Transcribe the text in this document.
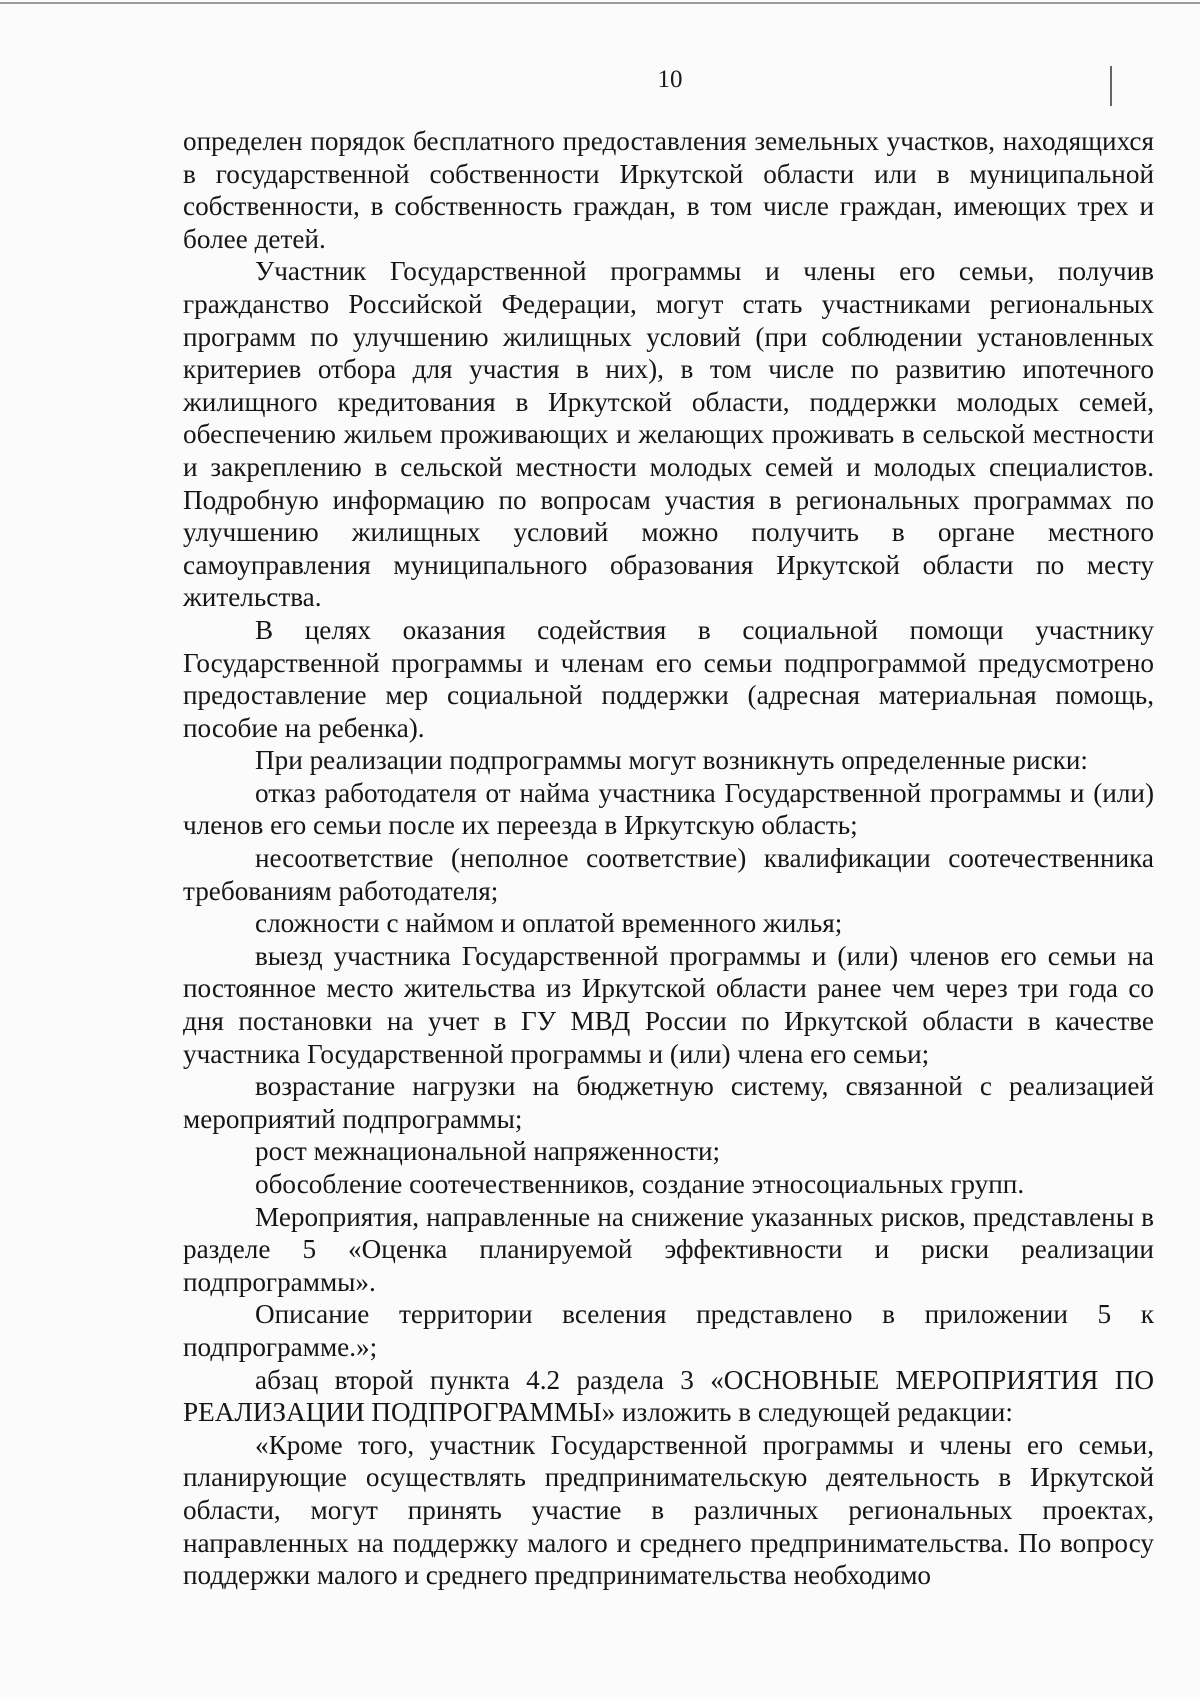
10

определен порядок бесплатного предоставления земельных участков, находящихся в государственной собственности Иркутской области или в муниципальной собственности, в собственность граждан, в том числе граждан, имеющих трех и более детей.

Участник Государственной программы и члены его семьи, получив гражданство Российской Федерации, могут стать участниками региональных программ по улучшению жилищных условий (при соблюдении установленных критериев отбора для участия в них), в том числе по развитию ипотечного жилищного кредитования в Иркутской области, поддержки молодых семей, обеспечению жильем проживающих и желающих проживать в сельской местности и закреплению в сельской местности молодых семей и молодых специалистов. Подробную информацию по вопросам участия в региональных программах по улучшению жилищных условий можно получить в органе местного самоуправления муниципального образования Иркутской области по месту жительства.

В целях оказания содействия в социальной помощи участнику Государственной программы и членам его семьи подпрограммой предусмотрено предоставление мер социальной поддержки (адресная материальная помощь, пособие на ребенка).

При реализации подпрограммы могут возникнуть определенные риски:

отказ работодателя от найма участника Государственной программы и (или) членов его семьи после их переезда в Иркутскую область;

несоответствие (неполное соответствие) квалификации соотечественника требованиям работодателя;

сложности с наймом и оплатой временного жилья;

выезд участника Государственной программы и (или) членов его семьи на постоянное место жительства из Иркутской области ранее чем через три года со дня постановки на учет в ГУ МВД России по Иркутской области в качестве участника Государственной программы и (или) члена его семьи;

возрастание нагрузки на бюджетную систему, связанной с реализацией мероприятий подпрограммы;

рост межнациональной напряженности;

обособление соотечественников, создание этносоциальных групп.

Мероприятия, направленные на снижение указанных рисков, представлены в разделе 5 «Оценка планируемой эффективности и риски реализации подпрограммы».

Описание территории вселения представлено в приложении 5 к подпрограмме.»;

абзац второй пункта 4.2 раздела 3 «ОСНОВНЫЕ МЕРОПРИЯТИЯ ПО РЕАЛИЗАЦИИ ПОДПРОГРАММЫ» изложить в следующей редакции:

«Кроме того, участник Государственной программы и члены его семьи, планирующие осуществлять предпринимательскую деятельность в Иркутской области, могут принять участие в различных региональных проектах, направленных на поддержку малого и среднего предпринимательства. По вопросу поддержки малого и среднего предпринимательства необходимо
